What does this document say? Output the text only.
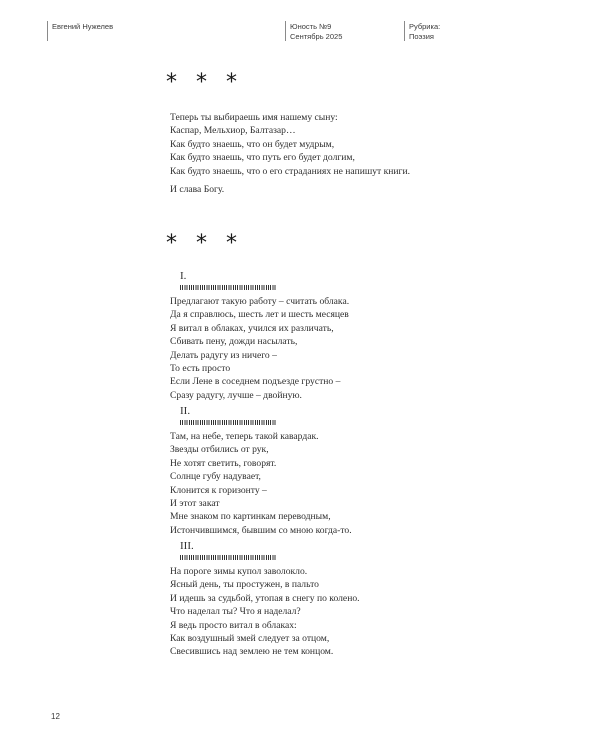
Евгений Нужелев	Юность №9
Сентябрь 2025
Рубрика:
Поэзия
* * *
Теперь ты выбираешь имя нашему сыну:
Каспар, Мельхиор, Балтазар…
Как будто знаешь, что он будет мудрым,
Как будто знаешь, что путь его будет долгим,
Как будто знаешь, что о его страданиях не напишут книги.
И слава Богу.
* * *
I.
Предлагают такую работу – считать облака.
Да я справлюсь, шесть лет и шесть месяцев
Я витал в облаках, учился их различать,
Сбивать пену, дожди насылать,
Делать радугу из ничего –
То есть просто
Если Лене в соседнем подъезде грустно –
Сразу радугу, лучше – двойную.
II.
Там, на небе, теперь такой кавардак.
Звезды отбились от рук,
Не хотят светить, говорят.
Солнце губу надувает,
Клонится к горизонту –
И этот закат
Мне знаком по картинкам переводным,
Истончившимся, бывшим со мною когда-то.
III.
На пороге зимы купол заволокло.
Ясный день, ты простужен, в пальто
И идешь за судьбой, утопая в снегу по колено.
Что наделал ты? Что я наделал?
Я ведь просто витал в облаках:
Как воздушный змей следует за отцом,
Свесившись над землею не тем концом.
12
